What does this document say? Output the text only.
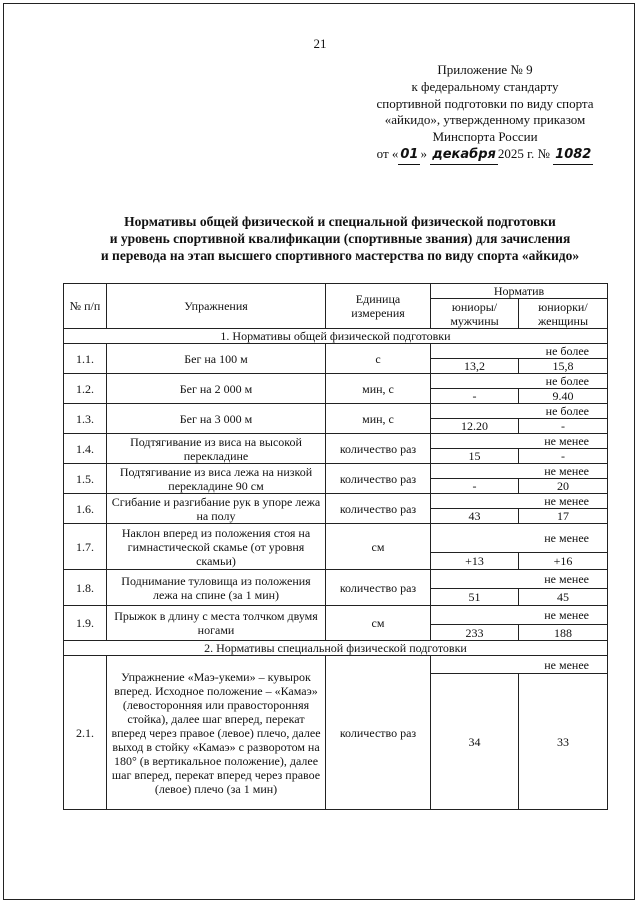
21
Приложение № 9
к федеральному стандарту
спортивной подготовки по виду спорта
«айкидо», утвержденному приказом
Минспорта России
от « 01 » декабря 2025 г. № 1082
Нормативы общей физической и специальной физической подготовки
и уровень спортивной квалификации (спортивные звания) для зачисления
и перевода на этап высшего спортивного мастерства по виду спорта «айкидо»
№ п/п	Упражнения	Единица измерения	Норматив	
			юниоры/ мужчины	юниорки/ женщины
1. Нормативы общей физической подготовки				
1.1.	Бег на 100 м	с	не более	
			13,2	15,8
1.2.	Бег на 2 000 м	мин, с	не более	
			-	9.40
1.3.	Бег на 3 000 м	мин, с	не более	
			12.20	-
1.4.	Подтягивание из виса на высокой перекладине	количество раз	не менее	
			15	-
1.5.	Подтягивание из виса лежа на низкой перекладине 90 см	количество раз	не менее	
			-	20
1.6.	Сгибание и разгибание рук в упоре лежа на полу	количество раз	не менее	
			43	17
1.7.	Наклон вперед из положения стоя на гимнастической скамье (от уровня скамьи)	см	не менее	
			+13	+16
1.8.	Поднимание туловища из положения лежа на спине (за 1 мин)	количество раз	не менее	
			51	45
1.9.	Прыжок в длину с места толчком двумя ногами	см	не менее	
			233	188
2. Нормативы специальной физической подготовки				
2.1.	Упражнение «Маэ-укеми» – кувырок вперед. Исходное положение – «Камаэ» (левосторонняя или правосторонняя стойка), далее шаг вперед, перекат вперед через правое (левое) плечо, далее выход в стойку «Камаэ» с разворотом на 180° (в вертикальное положение), далее шаг вперед, перекат вперед через правое (левое) плечо (за 1 мин)	количество раз	не менее	
			34	33
